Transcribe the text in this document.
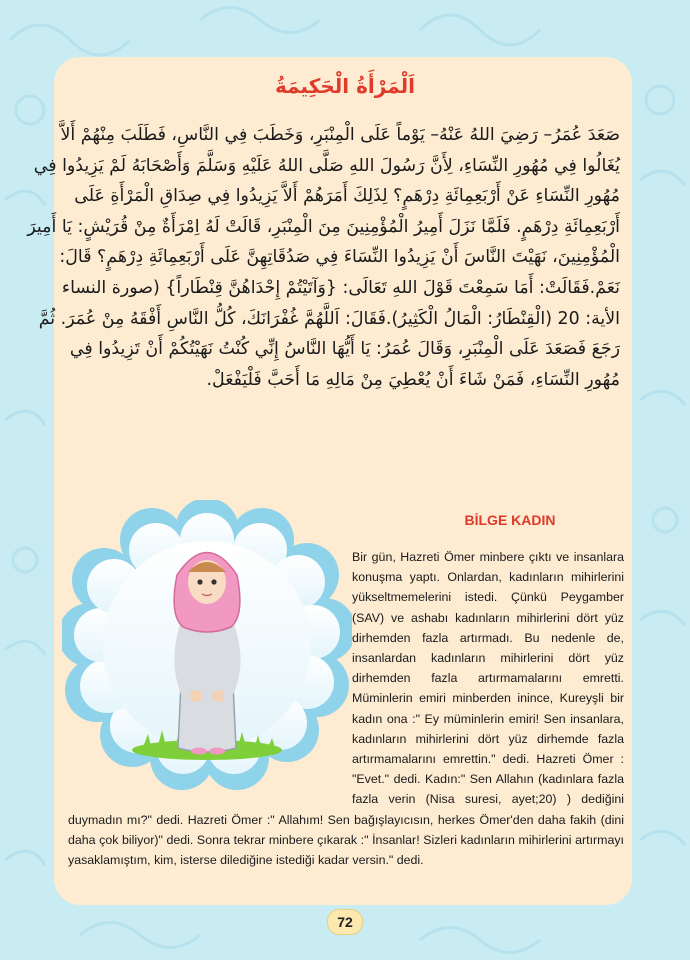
اَلْمَرْأَةُ الْحَكِيمَةُ

صَعَدَ عُمَرُ– رَضِيَ اللهُ عَنْهُ– يَوْماً عَلَى الْمِنْبَرِ، وَخَطَبَ فِي النَّاسِ، فَطَلَبَ مِنْهُمْ أَلاَّ
يُغَالُوا فِي مُهُورِ النِّسَاءِ، لِأَنَّ رَسُولَ اللهِ صَلَّى اللهُ عَلَيْهِ وَسَلَّمَ وَأَصْحَابَهُ لَمْ يَزِيدُوا فِي
مُهُورِ النِّسَاءِ عَنْ أَرْبَعِمِائَةِ دِرْهَمٍ؟ لِذَلِكَ أَمَرَهُمْ أَلاَّ يَزِيدُوا فِي صِدَاقِ الْمَرْأَةِ عَلَى
أَرْبَعِمِائَةِ دِرْهَمٍ. فَلَمَّا نَزَلَ أَمِيرُ الْمُؤْمِنِينَ مِنَ الْمِنْبَرِ، قَالَتْ لَهُ اِمْرَأَةٌ مِنْ قُرَيْشٍ: يَا أَمِيرَ
الْمُؤْمِنِينَ، نَهَيْتَ النَّاسَ أَنْ يَزِيدُوا النِّسَاءَ فِي صَدُقَاتِهِنَّ عَلَى أَرْبَعِمِائَةِ دِرْهَمٍ؟ قَالَ:
نَعَمْ.فَقَالَتْ: أَمَا سَمِعْتَ قَوْلَ اللهِ تَعَالَى: {وَآتَيْتُمْ إِحْدَاهُنَّ قِنْطَاراً} (صورة النساء
الأية: 20 (الْقِنْطَارُ: الْمَالُ الْكَثِيرُ).فَقَالَ: اَللَّهُمَّ غُفْرَانَكَ، كُلُّ النَّاسِ أَفْقَهُ مِنْ عُمَرَ. ثُمَّ
رَجَعَ فَصَعَدَ عَلَى الْمِنْبَرِ، وَقَالَ عُمَرُ: يَا أَيُّهَا النَّاسُ إِنِّي كُنْتُ نَهَيْتُكُمْ أَنْ تَزِيدُوا فِي
مُهُورِ النِّسَاءِ، فَمَنْ شَاءَ أَنْ يُعْطِيَ مِنْ مَالِهِ مَا أَحَبَّ فَلْيَفْعَلْ.

BİLGE KADIN

Bir gün, Hazreti Ömer minbere çıktı ve insanlara konuşma yaptı. Onlardan, kadınların mihirlerini yükseltmemelerini istedi. Çünkü Peygamber (SAV) ve ashabı kadınların mihirlerini dört yüz dirhemden fazla artırmadı. Bu nedenle de, insanlardan kadınların mihirlerini dört yüz dirhemden fazla artırmamalarını emretti. Müminlerin emiri minberden inince, Kureyşli bir kadın ona :" Ey müminlerin emiri! Sen insanlara, kadınların mihirlerini dört yüz dirhemde fazla artırmamalarını emrettin." dedi. Hazreti Ömer : "Evet." dedi. Kadın:" Sen Allahın (kadınlara fazla fazla verin (Nisa suresi, ayet;20) ) dediğini duymadın mı?" dedi. Hazreti Ömer :" Allahım! Sen bağışlayıcısın, herkes Ömer'den daha fakih (dini daha çok biliyor)" dedi. Sonra tekrar minbere çıkarak :" İnsanlar! Sizleri kadınların mihirlerini artırmayı yasaklamıştım, kim, isterse dilediğine istediği kadar versin." dedi.

72
